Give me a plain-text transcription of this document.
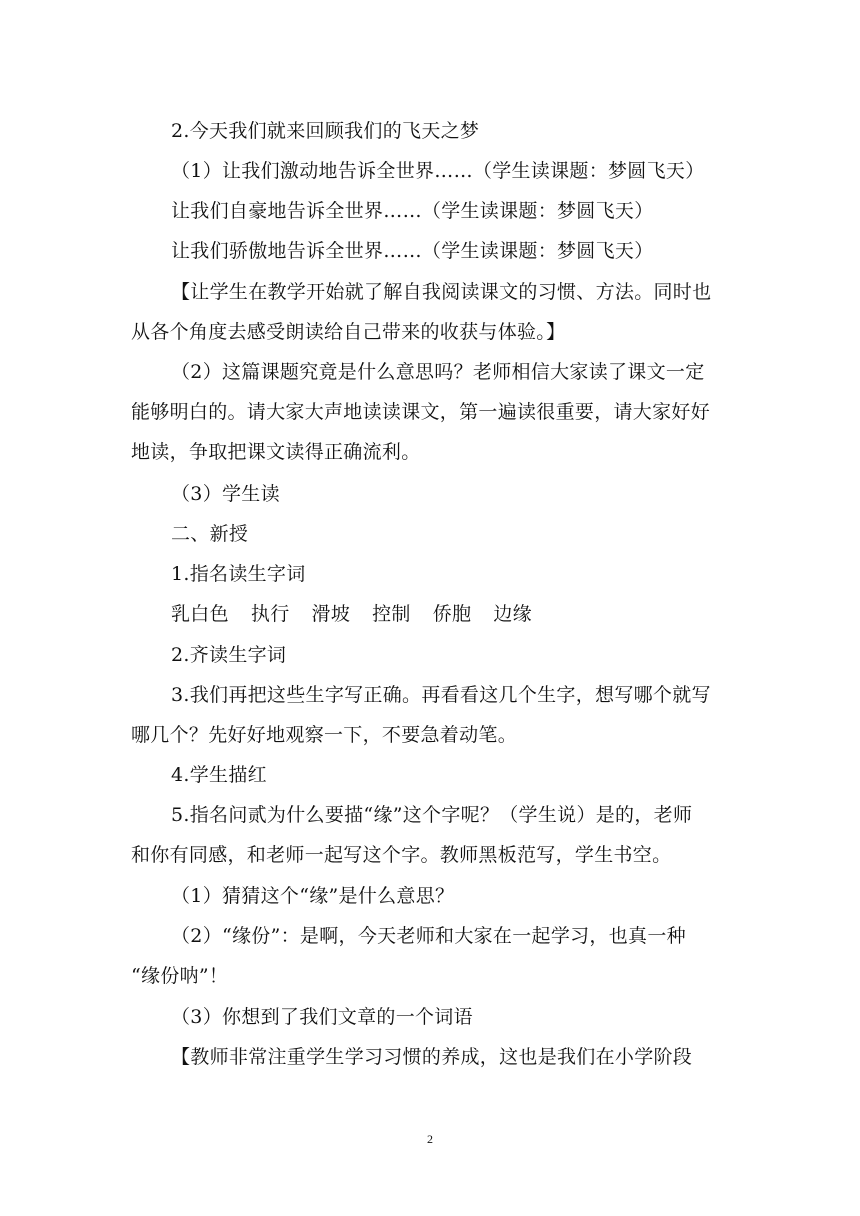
2.今天我们就来回顾我们的飞天之梦
（1）让我们激动地告诉全世界……（学生读课题：梦圆飞天）
让我们自豪地告诉全世界……（学生读课题：梦圆飞天）
让我们骄傲地告诉全世界……（学生读课题：梦圆飞天）
【让学生在教学开始就了解自我阅读课文的习惯、方法。同时也
从各个角度去感受朗读给自己带来的收获与体验。】
（2）这篇课题究竟是什么意思吗？老师相信大家读了课文一定
能够明白的。请大家大声地读读课文，第一遍读很重要，请大家好好
地读，争取把课文读得正确流利。
（3）学生读
二、新授
1.指名读生字词
乳白色 执行 滑坡 控制 侨胞 边缘
2.齐读生字词
3.我们再把这些生字写正确。再看看这几个生字，想写哪个就写
哪几个？先好好地观察一下，不要急着动笔。
4.学生描红
5.指名问贰为什么要描“缘”这个字呢？（学生说）是的，老师
和你有同感，和老师一起写这个字。教师黑板范写，学生书空。
（1）猜猜这个“缘”是什么意思？
（2）“缘份”：是啊，今天老师和大家在一起学习，也真一种
“缘份呐”！
（3）你想到了我们文章的一个词语
【教师非常注重学生学习习惯的养成，这也是我们在小学阶段
2
